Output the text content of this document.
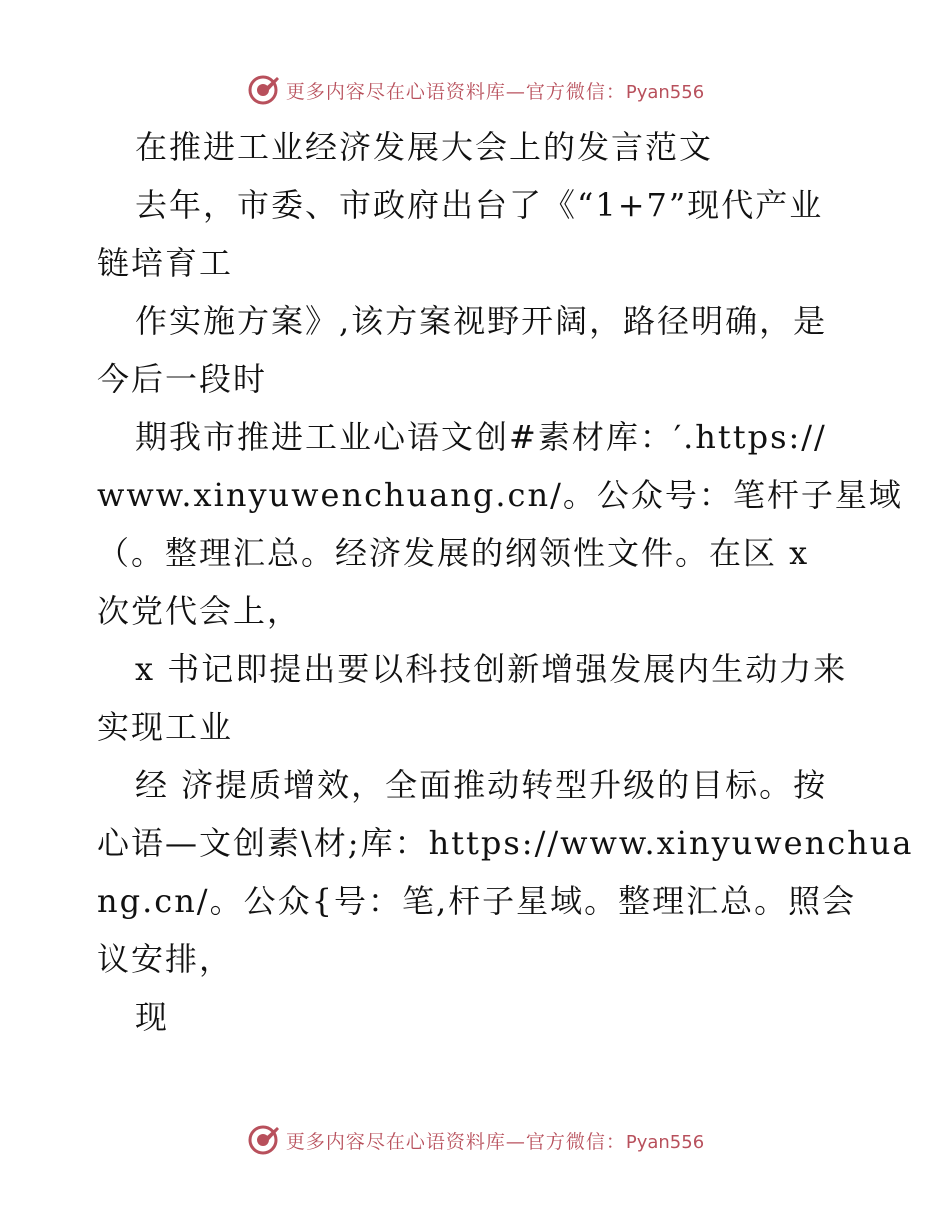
更多内容尽在心语资料库—官方微信：Pyan556
在推进工业经济发展大会上的发言范文
去年，市委、市政府出台了《“1+7”现代产业
链培育工
作实施方案》,该方案视野开阔，路径明确，是
今后一段时
期我市推进工业心语文创#素材库：′.https://
www.xinyuwenchuang.cn/。公众号：笔杆子星域
（。整理汇总。经济发展的纲领性文件。在区 x
次党代会上，
x 书记即提出要以科技创新增强发展内生动力来
实现工业
经 济提质增效，全面推动转型升级的目标。按
心语—文创素\材;库：https://www.xinyuwenchua
ng.cn/。公众{号：笔,杆子星域。整理汇总。照会
议安排，
现
更多内容尽在心语资料库—官方微信：Pyan556
